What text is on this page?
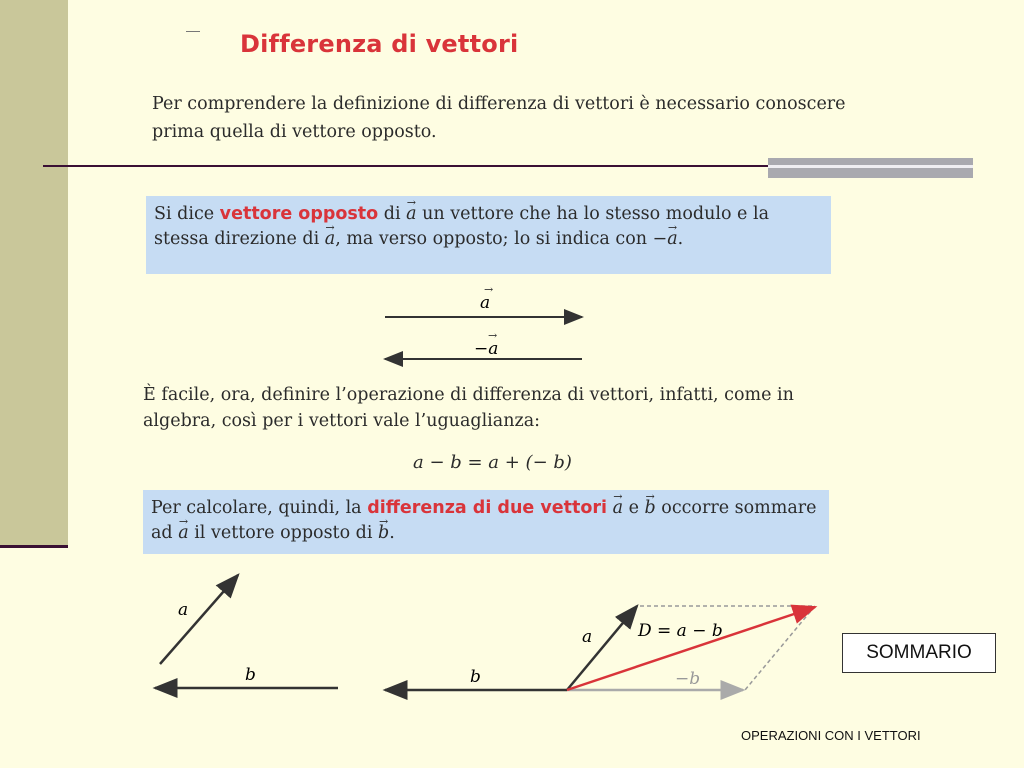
Differenza di vettori
Per comprendere la definizione di differenza di vettori è necessario conoscere prima quella di vettore opposto.
Si dice vettore opposto di → a un vettore che ha lo stesso modulo e la stessa direzione di → a, ma verso opposto; lo si indica con −→ a.
È facile, ora, definire l’operazione di differenza di vettori, infatti, come in algebra, così per i vettori vale l’uguaglianza:
a − b = a + (− b)
Per calcolare, quindi, la differenza di due vettori → a e → b occorre sommare ad → a il vettore opposto di → b.
a
→
−a
→
a
b	b
a
−b
D = a − b
SOMMARIO
OPERAZIONI CON I VETTORI
